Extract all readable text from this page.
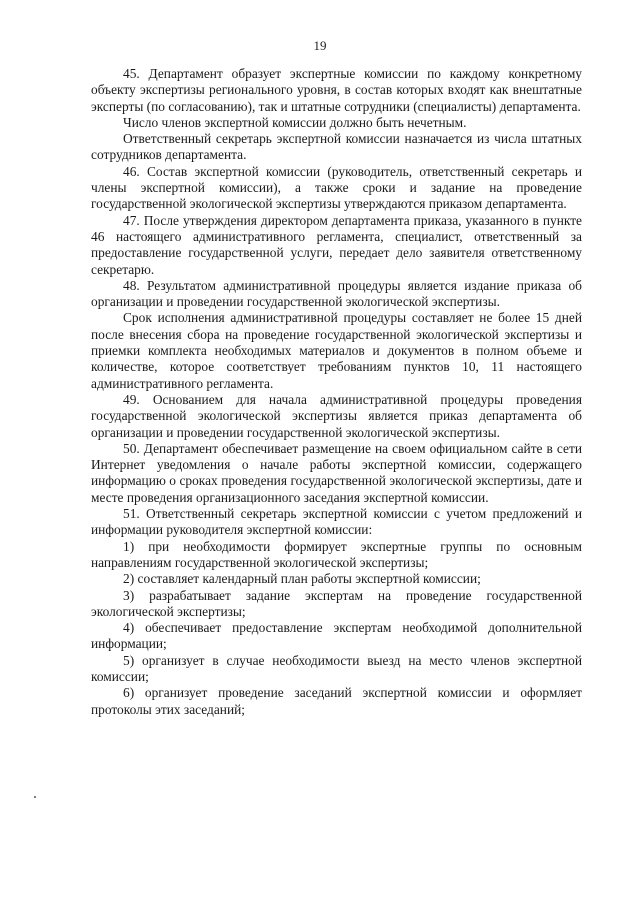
19

45. Департамент образует экспертные комиссии по каждому конкретному объекту экспертизы регионального уровня, в состав которых входят как внештатные эксперты (по согласованию), так и штатные сотрудники (специалисты) департамента.

Число членов экспертной комиссии должно быть нечетным.

Ответственный секретарь экспертной комиссии назначается из числа штатных сотрудников департамента.

46. Состав экспертной комиссии (руководитель, ответственный секретарь и члены экспертной комиссии), а также сроки и задание на проведение государственной экологической экспертизы утверждаются приказом департамента.

47. После утверждения директором департамента приказа, указанного в пункте 46 настоящего административного регламента, специалист, ответственный за предоставление государственной услуги, передает дело заявителя ответственному секретарю.

48. Результатом административной процедуры является издание приказа об организации и проведении государственной экологической экспертизы.

Срок исполнения административной процедуры составляет не более 15 дней после внесения сбора на проведение государственной экологической экспертизы и приемки комплекта необходимых материалов и документов в полном объеме и количестве, которое соответствует требованиям пунктов 10, 11 настоящего административного регламента.

49. Основанием для начала административной процедуры проведения государственной экологической экспертизы является приказ департамента об организации и проведении государственной экологической экспертизы.

50. Департамент обеспечивает размещение на своем официальном сайте в сети Интернет уведомления о начале работы экспертной комиссии, содержащего информацию о сроках проведения государственной экологической экспертизы, дате и месте проведения организационного заседания экспертной комиссии.

51. Ответственный секретарь экспертной комиссии с учетом предложений и информации руководителя экспертной комиссии:

1) при необходимости формирует экспертные группы по основным направлениям государственной экологической экспертизы;

2) составляет календарный план работы экспертной комиссии;

3) разрабатывает задание экспертам на проведение государственной экологической экспертизы;

4) обеспечивает предоставление экспертам необходимой дополнительной информации;

5) организует в случае необходимости выезд на место членов экспертной комиссии;

6) организует проведение заседаний экспертной комиссии и оформляет протоколы этих заседаний;
